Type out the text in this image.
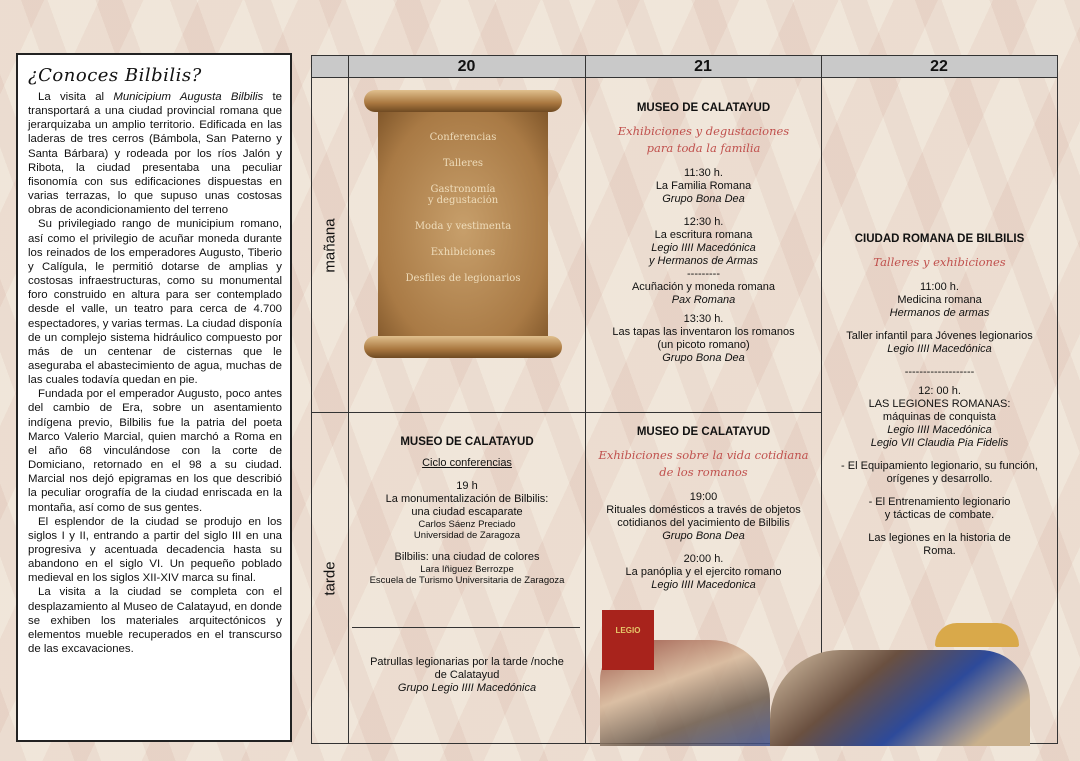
¿Conoces Bilbilis?

La visita al Municipium Augusta Bilbilis te transportará a una ciudad provincial romana que jerarquizaba un amplio territorio. Edificada en las laderas de tres cerros (Bámbola, San Paterno y Santa Bárbara) y rodeada por los ríos Jalón y Ribota, la ciudad presentaba una peculiar fisonomía con sus edificaciones dispuestas en varias terrazas, lo que supuso unas costosas obras de acondicionamiento del terreno

Su privilegiado rango de municipium romano, así como el privilegio de acuñar moneda durante los reinados de los emperadores Augusto, Tiberio y Calígula, le permitió dotarse de amplias y costosas infraestructuras, como su monumental foro construido en altura para ser contemplado desde el valle, un teatro para cerca de 4.700 espectadores, y varias termas. La ciudad disponía de un complejo sistema hidráulico compuesto por más de un centenar de cisternas que le aseguraba el abastecimiento de agua, muchas de las cuales todavía quedan en pie.

Fundada por el emperador Augusto, poco antes del cambio de Era, sobre un asentamiento indígena previo, Bilbilis fue la patria del poeta Marco Valerio Marcial, quien marchó a Roma en el año 68 vinculándose con la corte de Domiciano, retornado en el 98 a su ciudad. Marcial nos dejó epigramas en los que describió la peculiar orografía de la ciudad enriscada en la montaña, así como de sus gentes.

El esplendor de la ciudad se produjo en los siglos I y II, entrando a partir del siglo III en una progresiva y acentuada decadencia hasta su abandono en el siglo VI. Un pequeño poblado medieval en los siglos XII-XIV marca su final.

La visita a la ciudad se completa con el desplazamiento al Museo de Calatayud, en donde se exhiben los materiales arquitectónicos y elementos mueble recuperados en el transcurso de las excavaciones.

20	21	22
mañana
tarde
MUSEO DE CALATAYUD
Exhibiciones y degustaciones
para toda la familia
11:30 h.
La Familia Romana
Grupo Bona Dea
12:30 h.
La escritura romana
Legio IIII Macedónica
y Hermanos de Armas
---------
Acuñación y moneda romana
Pax Romana
13:30 h.
Las tapas las inventaron los romanos
(un picoto romano)
Grupo Bona Dea
MUSEO DE CALATAYUD
Ciclo conferencias
19 h
La monumentalización de Bilbilis:
una ciudad escaparate
Carlos Sáenz Preciado
Universidad de Zaragoza
Bilbilis: una ciudad de colores
Lara Iñiguez Berrozpe
Escuela de Turismo Universitaria de Zaragoza
Patrullas legionarias por la tarde /noche
de Calatayud
Grupo Legio IIII Macedónica
MUSEO DE CALATAYUD
Exhibiciones sobre la vida cotidiana
de los romanos
19:00
Rituales domésticos a través de objetos
cotidianos del yacimiento de Bilbilis
Grupo Bona Dea
20:00 h.
La panóplia y el ejercito romano
Legio IIII Macedonica
CIUDAD ROMANA DE BILBILIS
Talleres y exhibiciones
11:00 h.
Medicina romana
Hermanos de armas
Taller infantil para Jóvenes legionarios
Legio IIII Macedónica
-------------------
12: 00 h.
LAS LEGIONES ROMANAS:
máquinas de conquista
Legio IIII Macedónica
Legio VII Claudia Pia Fidelis
- El Equipamiento legionario, su función,
orígenes y desarrollo.
- El Entrenamiento legionario
y tácticas de combate.
Las legiones en la historia de
Roma.
Conferencias
Talleres
Gastronomía
y degustación
Moda y vestimenta
Exhibiciones
Desfiles de legionarios
LEGIO
